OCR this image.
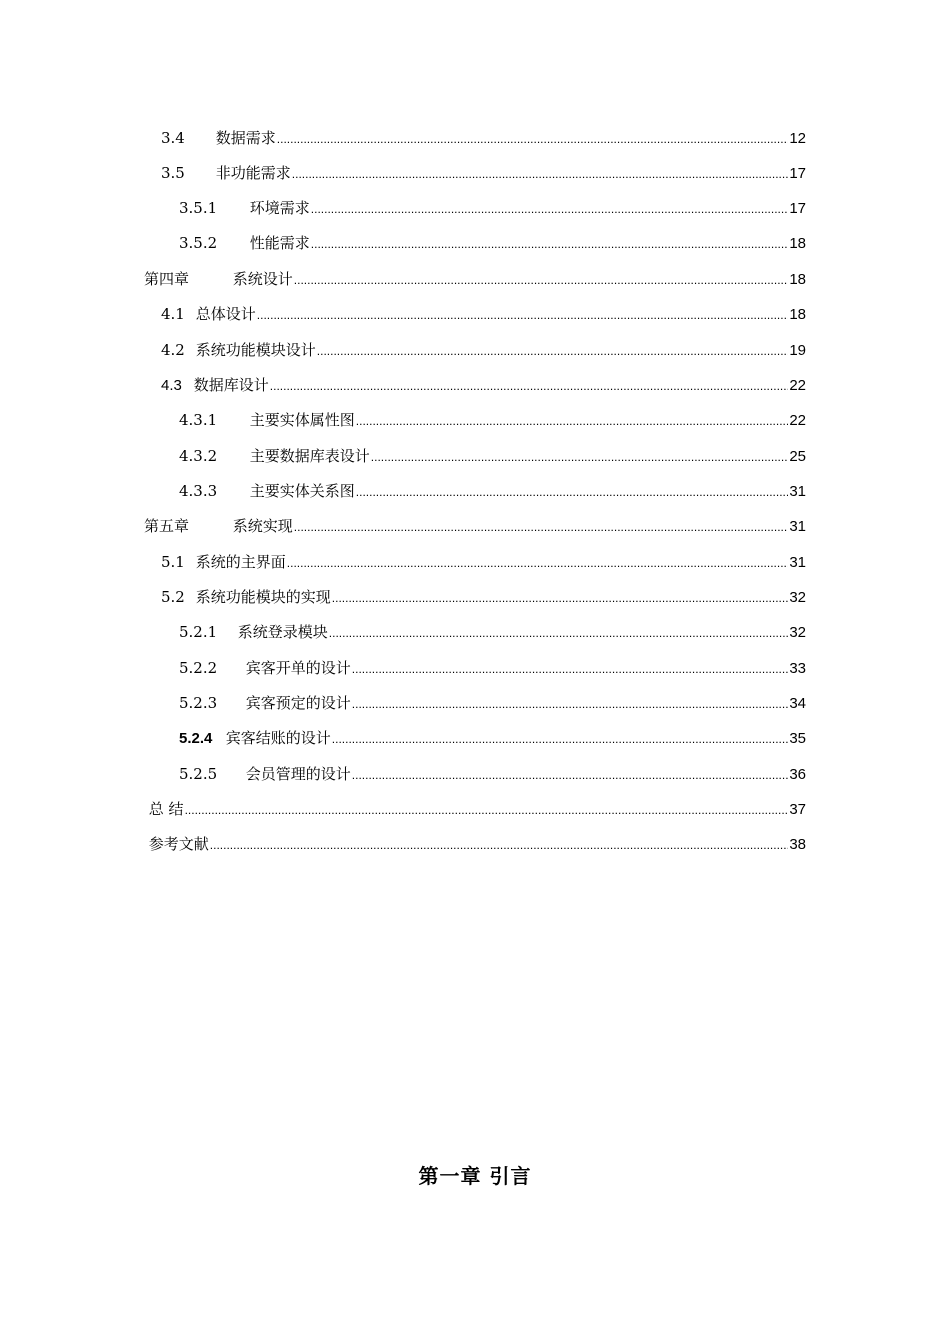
3.4 数据需求 .....	12
3.5 非功能需求 .....	17
3.5.1 环境需求 .....	17
3.5.2 性能需求 .....	18
第四章	系统设计 .....	18
4.1 总体设计 .....	18
4.2 系统功能模块设计 .....	19
4.3 数据库设计 .....	22
4.3.1 主要实体属性图 .....	22
4.3.2 主要数据库表设计 .....	25
4.3.3 主要实体关系图 .....	31
第五章	系统实现 .....	31
5.1 系统的主界面 .....	31
5.2 系统功能模块的实现 .....	32
5.2.1 系统登录模块 .....	32
5.2.2 宾客开单的设计 .....	33
5.2.3 宾客预定的设计 .....	34
5.2.4 宾客结账的设计 .....	35
5.2.5 会员管理的设计 .....	36
总 结 .....	37
参考文献 .....	38
第一章 引言
